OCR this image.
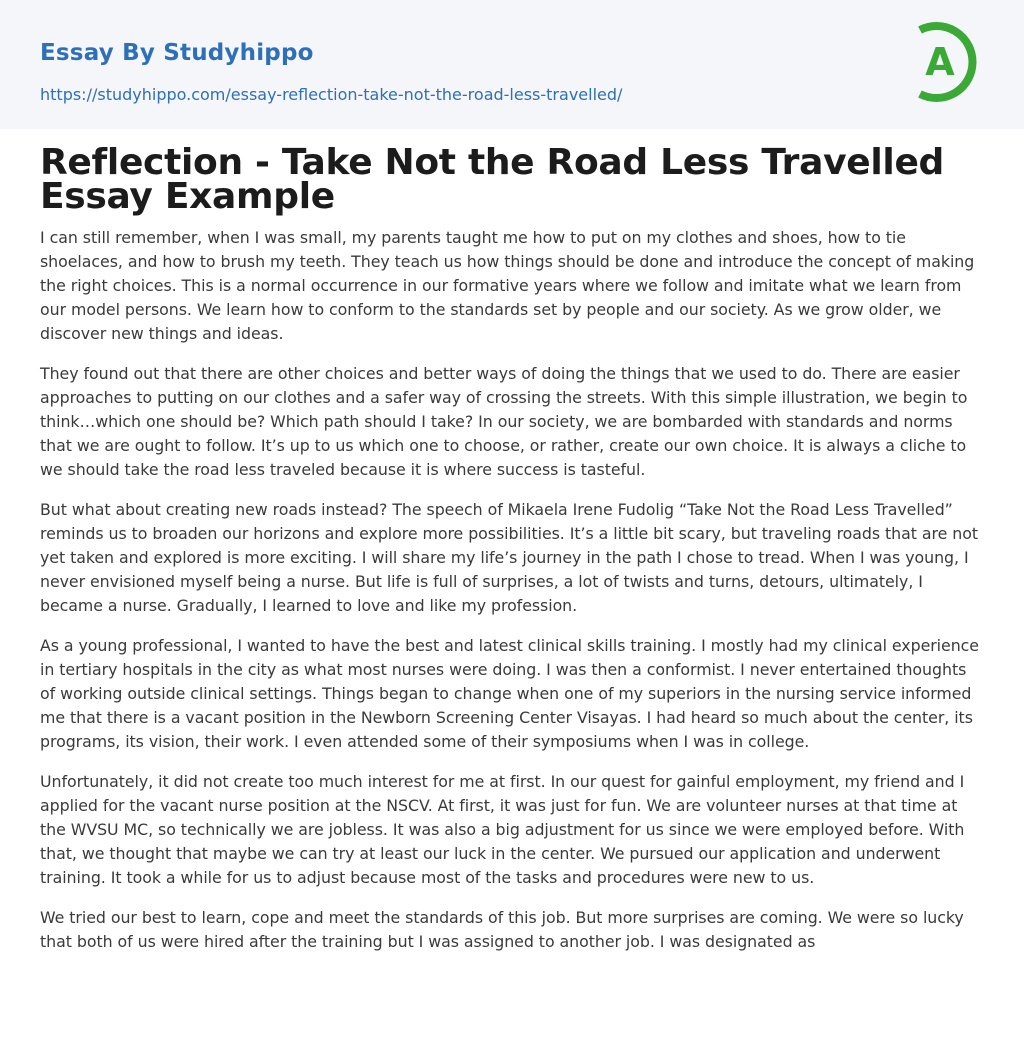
Essay By Studyhippo
https://studyhippo.com/essay-reflection-take-not-the-road-less-travelled/
A
Reflection - Take Not the Road Less Travelled Essay Example

I can still remember, when I was small, my parents taught me how to put on my clothes and shoes, how to tie shoelaces, and how to brush my teeth. They teach us how things should be done and introduce the concept of making the right choices. This is a normal occurrence in our formative years where we follow and imitate what we learn from our model persons. We learn how to conform to the standards set by people and our society. As we grow older, we discover new things and ideas.

They found out that there are other choices and better ways of doing the things that we used to do. There are easier approaches to putting on our clothes and a safer way of crossing the streets. With this simple illustration, we begin to think…which one should be? Which path should I take? In our society, we are bombarded with standards and norms that we are ought to follow. It’s up to us which one to choose, or rather, create our own choice. It is always a cliche to we should take the road less traveled because it is where success is tasteful.

But what about creating new roads instead? The speech of Mikaela Irene Fudolig “Take Not the Road Less Travelled” reminds us to broaden our horizons and explore more possibilities. It’s a little bit scary, but traveling roads that are not yet taken and explored is more exciting. I will share my life’s journey in the path I chose to tread. When I was young, I never envisioned myself being a nurse. But life is full of surprises, a lot of twists and turns, detours, ultimately, I became a nurse. Gradually, I learned to love and like my profession.

As a young professional, I wanted to have the best and latest clinical skills training. I mostly had my clinical experience in tertiary hospitals in the city as what most nurses were doing. I was then a conformist. I never entertained thoughts of working outside clinical settings. Things began to change when one of my superiors in the nursing service informed me that there is a vacant position in the Newborn Screening Center Visayas. I had heard so much about the center, its programs, its vision, their work. I even attended some of their symposiums when I was in college.

Unfortunately, it did not create too much interest for me at first. In our quest for gainful employment, my friend and I applied for the vacant nurse position at the NSCV. At first, it was just for fun. We are volunteer nurses at that time at the WVSU MC, so technically we are jobless. It was also a big adjustment for us since we were employed before. With that, we thought that maybe we can try at least our luck in the center. We pursued our application and underwent training. It took a while for us to adjust because most of the tasks and procedures were new to us.

We tried our best to learn, cope and meet the standards of this job. But more surprises are coming. We were so lucky that both of us were hired after the training but I was assigned to another job. I was designated as
